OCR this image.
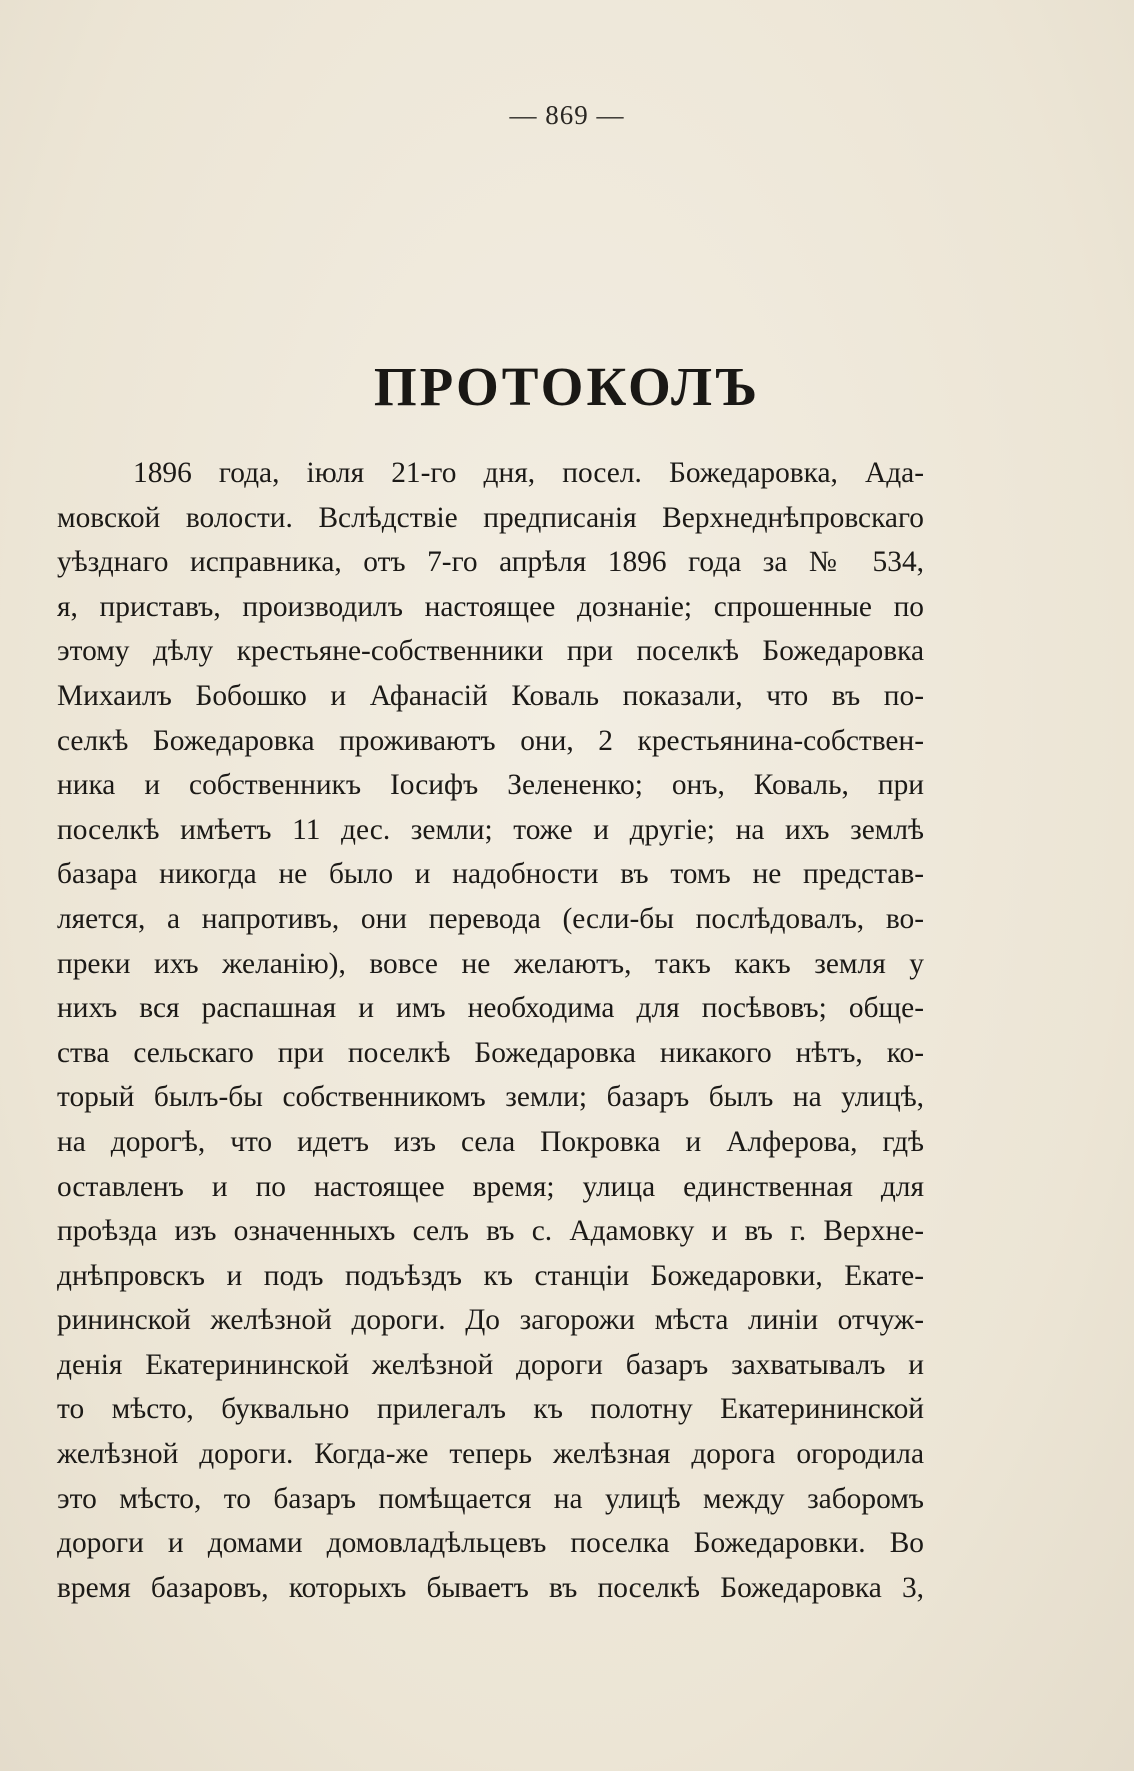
— 869 —
ПРОТОКОЛЪ
1896 года, іюля 21-го дня, посел. Божедаровка, Ада-
мовской волости. Вслѣдствіе предписанія Верхнеднѣпровскаго
уѣзднаго исправника, отъ 7-го апрѣля 1896 года за № 534,
я, приставъ, производилъ настоящее дознаніе; спрошенные по
этому дѣлу крестьяне-собственники при поселкѣ Божедаровка
Михаилъ Бобошко и Афанасій Коваль показали, что въ по-
селкѣ Божедаровка проживаютъ они, 2 крестьянина-собствен-
ника и собственникъ Іосифъ Зелененко; онъ, Коваль, при
поселкѣ имѣетъ 11 дес. земли; тоже и другіе; на ихъ землѣ
базара никогда не было и надобности въ томъ не представ-
ляется, а напротивъ, они перевода (если-бы послѣдовалъ, во-
преки ихъ желанію), вовсе не желаютъ, такъ какъ земля у
нихъ вся распашная и имъ необходима для посѣвовъ; обще-
ства сельскаго при поселкѣ Божедаровка никакого нѣтъ, ко-
торый былъ-бы собственникомъ земли; базаръ былъ на улицѣ,
на дорогѣ, что идетъ изъ села Покровка и Алферова, гдѣ
оставленъ и по настоящее время; улица единственная для
проѣзда изъ означенныхъ селъ въ с. Адамовку и въ г. Верхне-
днѣпровскъ и подъ подъѣздъ къ станціи Божедаровки, Екате-
рининской желѣзной дороги. До загорожи мѣста линіи отчуж-
денія Екатерининской желѣзной дороги базаръ захватывалъ и
то мѣсто, буквально прилегалъ къ полотну Екатерининской
желѣзной дороги. Когда-же теперь желѣзная дорога огородила
это мѣсто, то базаръ помѣщается на улицѣ между заборомъ
дороги и домами домовладѣльцевъ поселка Божедаровки. Во
время базаровъ, которыхъ бываетъ въ поселкѣ Божедаровка 3,
